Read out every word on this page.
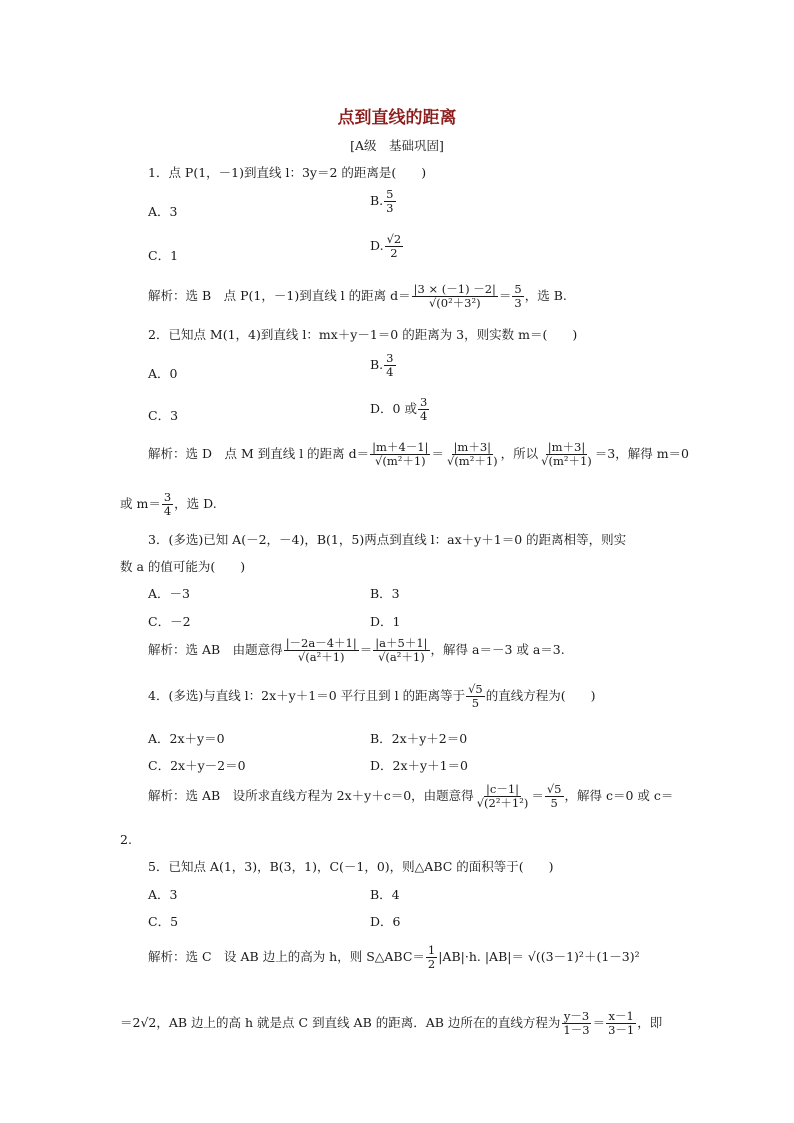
点到直线的距离
[A级　基础巩固]
1．点 P(1，－1)到直线 l：3y＝2 的距离是(　　)
A．3
B. $\frac{5}{3}$
C．1
D. $\frac{√2}{2}$
解析：选 B　点 P(1，－1)到直线 l 的距离 $d= \frac{|3 \times (-1) -2|}{\text{√(0²＋3²)}} = \frac{5}{3}$ ，选 B.
2．已知点 M(1，4)到直线 l：mx＋y－1＝0 的距离为 3，则实数 m＝(　　)
A．0
B. $\frac{3}{4}$
C．3	D．0 或 $\frac{3}{4}$
解析：选 D　点 M 到直线 l 的距离 $d= \frac{|m+4-1|}{\text{√(m²＋1)}} = \frac{|m+3|}{\text{√(m²＋1)}}$ ，所以 $\frac{|m+3|}{\text{√(m²＋1)}} =3$，解得 m＝0
或 $m= \frac{3}{4}$ ，选 D.
3．(多选)已知 A(－2，－4)，B(1，5)两点到直线 l：ax＋y＋1＝0 的距离相等，则实
数 a 的值可能为(　　)
A．－3	B．3
C．－2	D．1
解析：选 AB　由题意得 $\frac{|-2a-4+1|}{\text{√(a²＋1)}} = \frac{|a+5+1|}{\text{√(a²＋1)}}$ ，解得 a＝－3 或 a＝3.
4．(多选)与直线 l：2x＋y＋1＝0 平行且到 l 的距离等于 $\frac{√5}{5}$ 的直线方程为(　　)
A．2x＋y＝0	B．2x＋y＋2＝0
C．2x＋y－2＝0	D．2x＋y＋1＝0
解析：选 AB　设所求直线方程为 2x＋y＋c＝0，由题意得 $\frac{|c-1|}{\text{√(2²＋1²)}} = \frac{√5}{5}$ ，解得 c＝0 或 c＝
2.
5．已知点 A(1，3)，B(3，1)，C(－1，0)，则△ABC 的面积等于(　　)
A．3	B．4
C．5	D．6
解析：选 C　设 AB 边上的高为 h，则 S△ABC＝ $\frac{1}{2} |AB|\cdot h$. |AB|＝ √((3－1)²＋(1－3)²
＝2√2，AB 边上的高 h 就是点 C 到直线 AB 的距离．AB 边所在的直线方程为 $\frac{y-3}{1-3} = \frac{x-1}{3-1}$ ，即
